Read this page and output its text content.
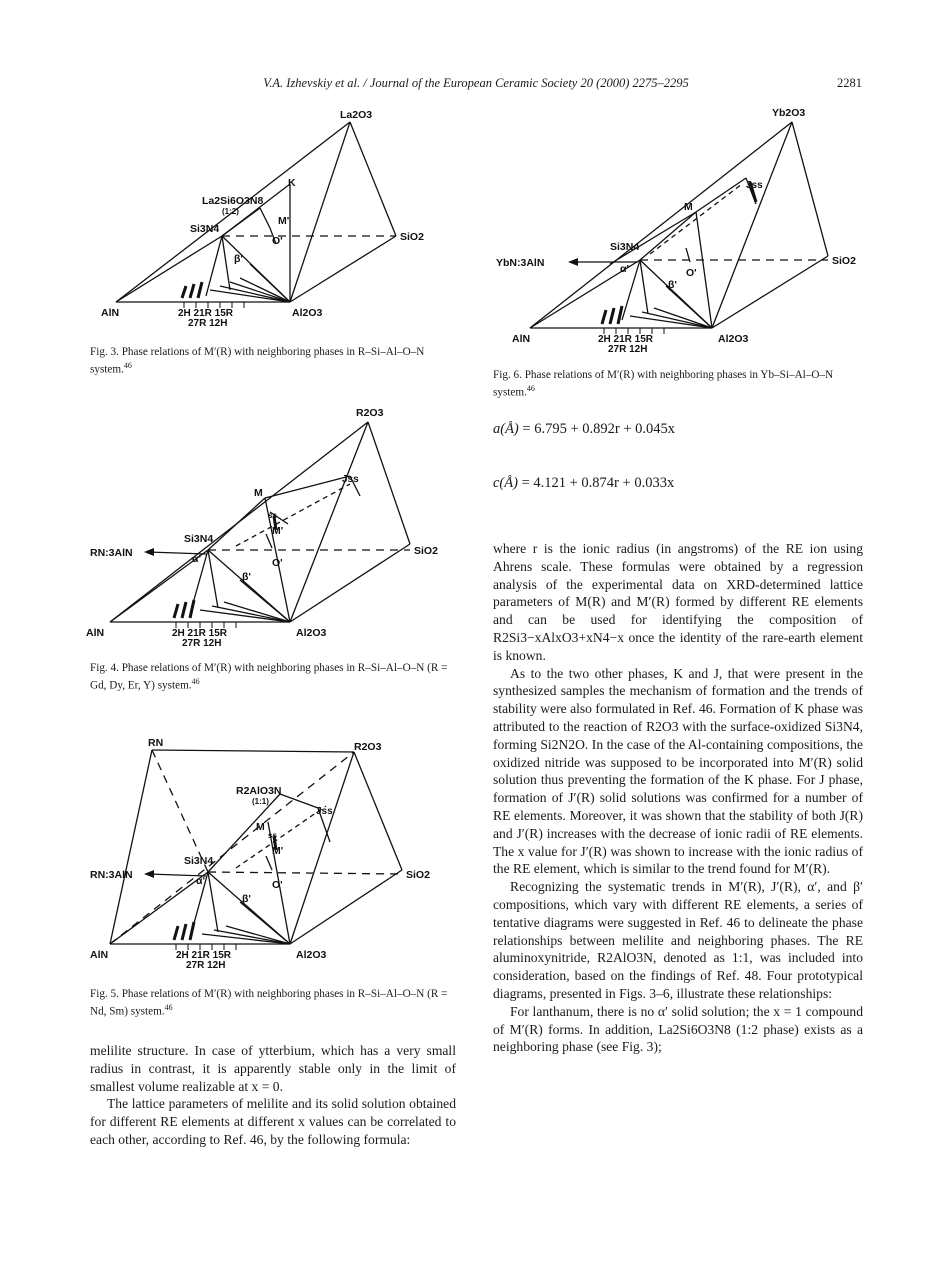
V.A. Izhevskiy et al. / Journal of the European Ceramic Society 20 (2000) 2275–2295	2281
La2O3
SiO2
AlN	Al2O3
Si3N4
K
La2Si6O3N8
(1:2)
M'
O'
β'
2H 21R 15R
27R 12H
Fig. 3. Phase relations of M′(R) with neighboring phases in R–Si–Al–O–N system.$^{46}$
R2O3
SiO2
AlN	Al2O3
Si3N4
RN:3AlN
M
Jss
ss
M'
O'
β'
α'
2H 21R 15R
27R 12H
Fig. 4. Phase relations of M′(R) with neighboring phases in R–Si–Al–O–N (R = Gd, Dy, Er, Y) system.$^{46}$
RN	R2O3
SiO2
AlN	Al2O3
Si3N4
RN:3AlN
R2AlO3N
(1:1)
M
Jss
ss
M'
O'
β'
α'
2H 21R 15R
27R 12H
Fig. 5. Phase relations of M′(R) with neighboring phases in R–Si–Al–O–N (R = Nd, Sm) system.$^{46}$
Yb2O3
SiO2
AlN	Al2O3
Si3N4
YbN:3AlN
M
Jss
O'
β'
α'
2H 21R 15R
27R 12H
Fig. 6. Phase relations of M′(R) with neighboring phases in Yb–Si–Al–O–N system.$^{46}$
a(Å) = 6.795 + 0.892r + 0.045x
c(Å) = 4.121 + 0.874r + 0.033x

melilite structure. In case of ytterbium, which has a very small radius in contrast, it is apparently stable only in the limit of smallest volume realizable at x = 0.

The lattice parameters of melilite and its solid solution obtained for different RE elements at different x values can be correlated to each other, according to Ref. 46, by the following formula:

where r is the ionic radius (in angstroms) of the RE ion using Ahrens scale. These formulas were obtained by a regression analysis of the experimental data on XRD-determined lattice parameters of M(R) and M′(R) formed by different RE elements and can be used for identifying the composition of R2Si3−xAlxO3+xN4−x once the identity of the rare-earth element is known.

As to the two other phases, K and J, that were present in the synthesized samples the mechanism of formation and the trends of stability were also formulated in Ref. 46. Formation of K phase was attributed to the reaction of R2O3 with the surface-oxidized Si3N4, forming Si2N2O. In the case of the Al-containing compositions, the oxidized nitride was supposed to be incorporated into M′(R) solid solution thus preventing the formation of the K phase. For J phase, formation of J′(R) solid solutions was confirmed for a number of RE elements. Moreover, it was shown that the stability of both J(R) and J′(R) increases with the decrease of ionic radii of RE elements. The x value for J′(R) was shown to increase with the ionic radius of the RE element, which is similar to the trend found for M′(R).

Recognizing the systematic trends in M′(R), J′(R), α′, and β′ compositions, which vary with different RE elements, a series of tentative diagrams were suggested in Ref. 46 to delineate the phase relationships between melilite and neighboring phases. The RE aluminoxynitride, R2AlO3N, denoted as 1:1, was included into consideration, based on the findings of Ref. 48. Four prototypical diagrams, presented in Figs. 3–6, illustrate these relationships:

For lanthanum, there is no α′ solid solution; the x = 1 compound of M′(R) forms. In addition, La2Si6O3N8 (1:2 phase) exists as a neighboring phase (see Fig. 3);
